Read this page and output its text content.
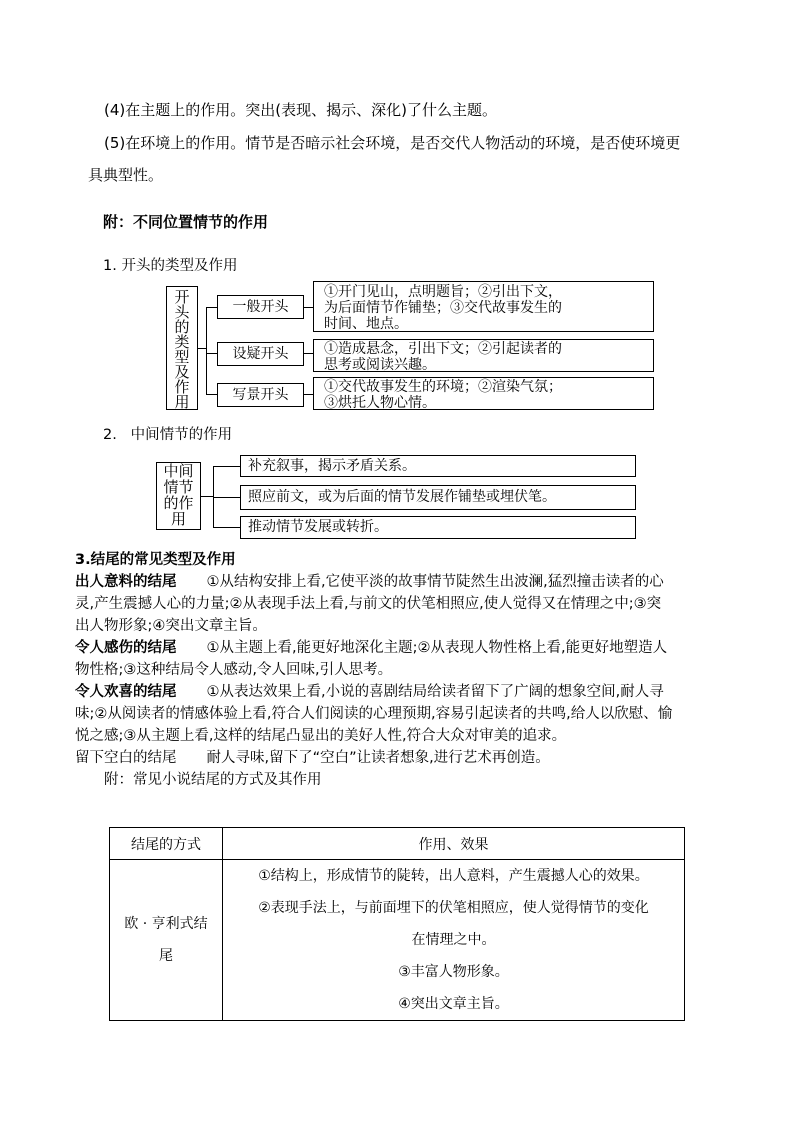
(4)在主题上的作用。突出(表现、揭示、深化)了什么主题。
(5)在环境上的作用。情节是否暗示社会环境，是否交代人物活动的环境，是否使环境更
具典型性。
附：不同位置情节的作用
1. 开头的类型及作用
开
头
的
类
型
及
作
用
一般开头
设疑开头
写景开头
①开门见山，点明题旨；②引出下文，
为后面情节作铺垫；③交代故事发生的
时间、地点。
①造成悬念，引出下文；②引起读者的
思考或阅读兴趣。
①交代故事发生的环境；②渲染气氛；
③烘托人物心情。
2.   中间情节的作用
中间
情节
的作
用
补充叙事，揭示矛盾关系。
照应前文，或为后面的情节发展作铺垫或埋伏笔。
推动情节发展或转折。
3.结尾的常见类型及作用
出人意料的结尾 ①从结构安排上看,它使平淡的故事情节陡然生出波澜,猛烈撞击读者的心
灵,产生震撼人心的力量;②从表现手法上看,与前文的伏笔相照应,使人觉得又在情理之中;③突
出人物形象;④突出文章主旨。
令人感伤的结尾 ①从主题上看,能更好地深化主题;②从表现人物性格上看,能更好地塑造人
物性格;③这种结局令人感动,令人回味,引人思考。
令人欢喜的结尾 ①从表达效果上看,小说的喜剧结局给读者留下了广阔的想象空间,耐人寻
味;②从阅读者的情感体验上看,符合人们阅读的心理预期,容易引起读者的共鸣,给人以欣慰、愉
悦之感;③从主题上看,这样的结尾凸显出的美好人性,符合大众对审美的追求。
留下空白的结尾 耐人寻味,留下了“空白”让读者想象,进行艺术再创造。
附：常见小说结尾的方式及其作用
结尾的方式	作用、效果

欧 · 亨利式结
尾	①结构上，形成情节的陡转，出人意料，产生震撼人心的效果。
②表现手法上，与前面埋下的伏笔相照应，使人觉得情节的变化
在情理之中。
③丰富人物形象。
④突出文章主旨。
